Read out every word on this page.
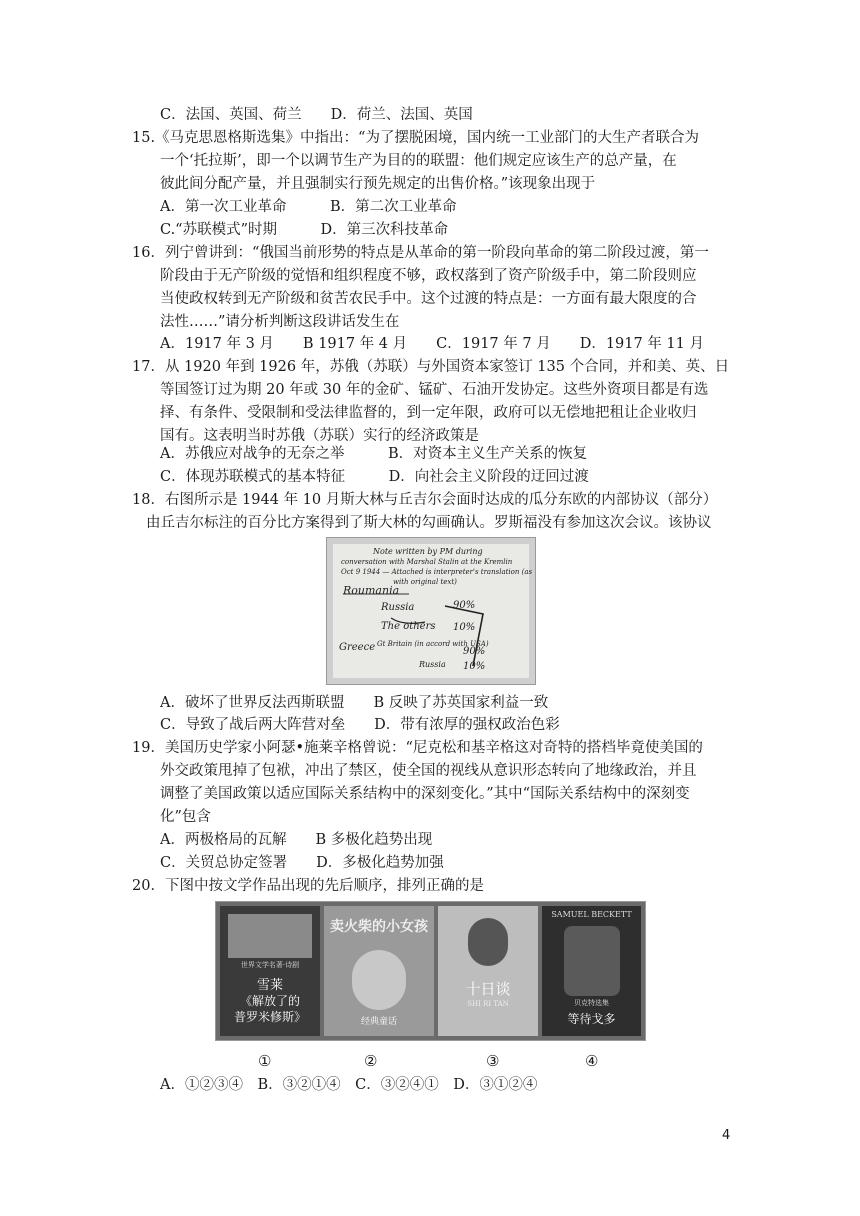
C．法国、英国、荷兰　　D．荷兰、法国、英国
15.《马克思恩格斯选集》中指出：“为了摆脱困境，国内统一工业部门的大生产者联合为
一个‘托拉斯’，即一个以调节生产为目的的联盟：他们规定应该生产的总产量，在
彼此间分配产量，并且强制实行预先规定的出售价格。”该现象出现于
A．第一次工业革命　　　B．第二次工业革命
C.“苏联模式”时期　　　D．第三次科技革命
16．列宁曾讲到：“俄国当前形势的特点是从革命的第一阶段向革命的第二阶段过渡，第一
阶段由于无产阶级的觉悟和组织程度不够，政权落到了资产阶级手中，第二阶段则应
当使政权转到无产阶级和贫苦农民手中。这个过渡的特点是：一方面有最大限度的合
法性……”请分析判断这段讲话发生在
A．1917 年 3 月　　B 1917 年 4 月　　C．1917 年 7 月　　D．1917 年 11 月
17．从 1920 年到 1926 年，苏俄（苏联）与外国资本家签订 135 个合同，并和美、英、日
等国签订过为期 20 年或 30 年的金矿、锰矿、石油开发协定。这些外资项目都是有选
择、有条件、受限制和受法律监督的，到一定年限，政府可以无偿地把租让企业收归
国有。这表明当时苏俄（苏联）实行的经济政策是
A．苏俄应对战争的无奈之举　　　B．对资本主义生产关系的恢复
C．体现苏联模式的基本特征　　　D．向社会主义阶段的迂回过渡
18．右图所示是 1944 年 10 月斯大林与丘吉尔会面时达成的瓜分东欧的内部协议（部分）
由丘吉尔标注的百分比方案得到了斯大林的勾画确认。罗斯福没有参加这次会议。该协议
Note written by PM during
conversation with Marshal Stalin at the Kremlin
Oct 9 1944 — Attached is interpreter's translation (as
with original text)
Roumania
Russia	90%
The others 10%
Greece Gt Britain (in accord with USA)
90%
Russia 10%
A．破坏了世界反法西斯联盟　　B 反映了苏英国家利益一致
C．导致了战后两大阵营对垒　　D．带有浓厚的强权政治色彩
19．美国历史学家小阿瑟•施莱辛格曾说：“尼克松和基辛格这对奇特的搭档毕竟使美国的
外交政策甩掉了包袱，冲出了禁区，使全国的视线从意识形态转向了地缘政治，并且
调整了美国政策以适应国际关系结构中的深刻变化。”其中“国际关系结构中的深刻变
化”包含
A．两极格局的瓦解　　B 多极化趋势出现
C．关贸总协定签署　　D．多极化趋势加强
20．下图中按文学作品出现的先后顺序，排列正确的是
世界文学名著·诗剧
雪莱
《解放了的
普罗米修斯》
卖火柴的小女孩
经典童话
十日谈
SHI RI TAN
SAMUEL BECKETT
贝克特选集
等待戈多
①	②	③	④
A．①②③④　B．③②①④　C．③②④①　D．③①②④
4
